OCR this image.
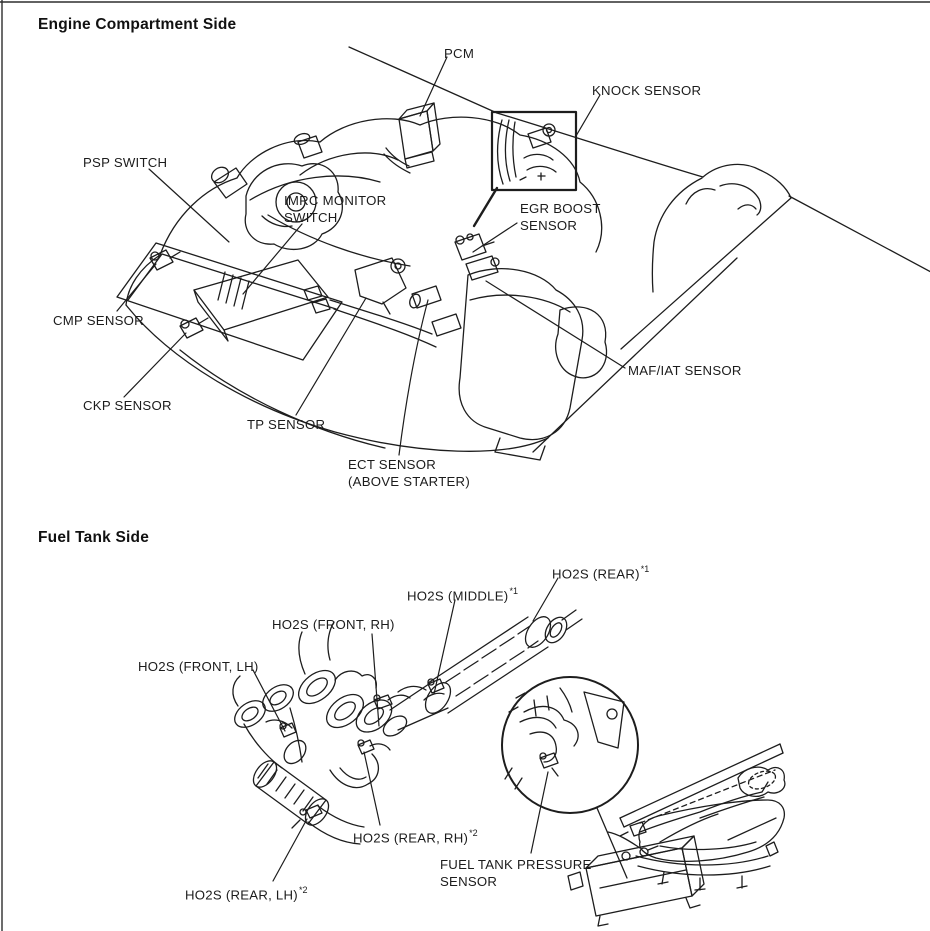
Engine Compartment Side
PCM
KNOCK SENSOR
PSP SWITCH
IMRC MONITOR
SWITCH
EGR BOOST
SENSOR
CMP SENSOR
CKP SENSOR
TP SENSOR
MAF/IAT SENSOR
ECT SENSOR
(ABOVE STARTER)
Fuel Tank Side
HO2S (REAR)$^{*1}$
HO2S (MIDDLE)$^{*1}$
HO2S (FRONT, RH)
HO2S (FRONT, LH)
HO2S (REAR, RH)$^{*2}$
HO2S (REAR, LH)$^{*2}$
FUEL TANK PRESSURE
SENSOR
